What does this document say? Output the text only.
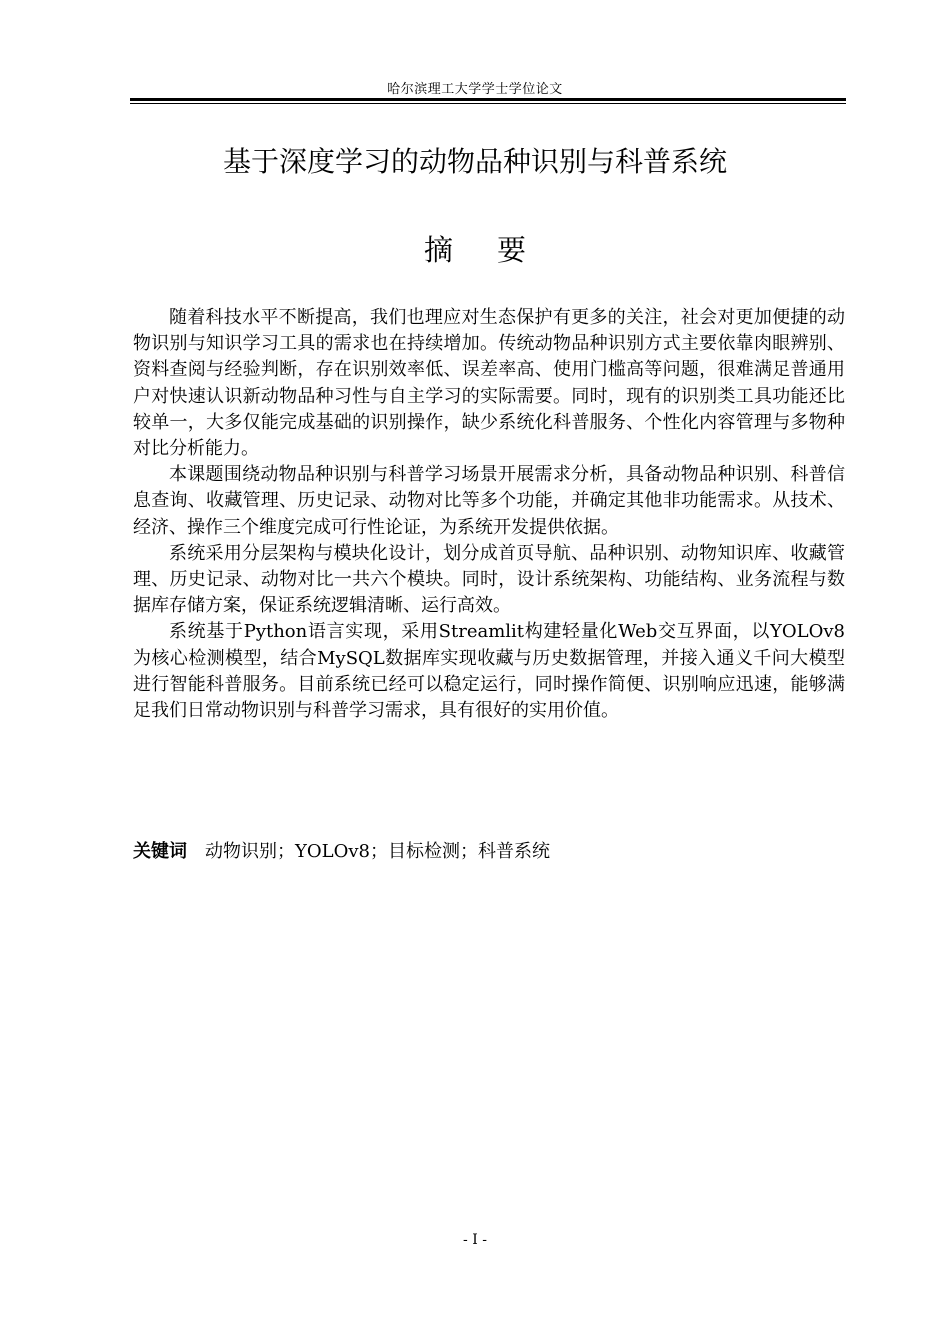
哈尔滨理工大学学士学位论文
基于深度学习的动物品种识别与科普系统
摘要

随着科技水平不断提高，我们也理应对生态保护有更多的关注，社会对更加便捷的动物识别与知识学习工具的需求也在持续增加。传统动物品种识别方式主要依靠肉眼辨别、资料查阅与经验判断，存在识别效率低、误差率高、使用门槛高等问题，很难满足普通用户对快速认识新动物品种习性与自主学习的实际需要。同时，现有的识别类工具功能还比较单一，大多仅能完成基础的识别操作，缺少系统化科普服务、个性化内容管理与多物种对比分析能力。

本课题围绕动物品种识别与科普学习场景开展需求分析，具备动物品种识别、科普信息查询、收藏管理、历史记录、动物对比等多个功能，并确定其他非功能需求。从技术、经济、操作三个维度完成可行性论证，为系统开发提供依据。

系统采用分层架构与模块化设计，划分成首页导航、品种识别、动物知识库、收藏管理、历史记录、动物对比一共六个模块。同时，设计系统架构、功能结构、业务流程与数据库存储方案，保证系统逻辑清晰、运行高效。

系统基于Python语言实现，采用Streamlit构建轻量化Web交互界面，以YOLOv8为核心检测模型，结合MySQL数据库实现收藏与历史数据管理，并接入通义千问大模型进行智能科普服务。目前系统已经可以稳定运行，同时操作简便、识别响应迅速，能够满足我们日常动物识别与科普学习需求，具有很好的实用价值。

关键词 动物识别；YOLOv8；目标检测；科普系统
- I -
